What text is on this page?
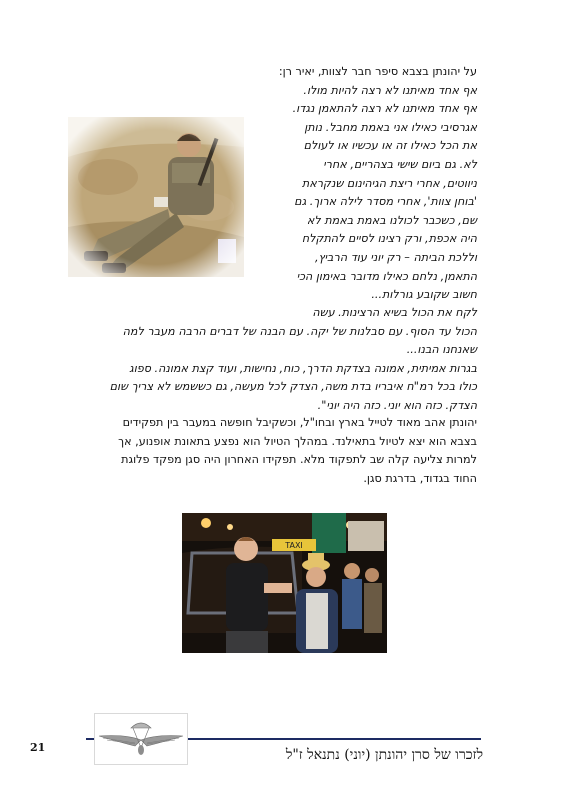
על יהונתן בצבא סיפר חבר לצוות, יאיר רן:
אף אחד מאיתנו לא רצה להיות מולו.
אף אחד מאיתנו לא רצה להתאמן נגדו.
אגרסיבי כאילו אני באמת מחבל. נותן
את הכל כאילו זה או עכשיו או לעולם
לא. גם ביום שישי בצהריים, אחרי
ניווטים, אחרי ריצת הגיהינום שנקראת
'בוחן צוות', אחרי מסדר לילה ארוך. גם
שם, כשכבר לכולנו באמת באמת לא
היה אכפת, ורק רצינו לסיים להתקלח
וללכת הביתה – רק יוני עוד הרביץ,
התאמן, נלחם כאילו מדובר באימון הכי
חשוב שקובע גורלות...
לקח את הכול בשיא הרצינות. עשה
הכול עד הסוף. עם סבלנות של יקה. עם הבנה של דברים הרבה מעבר למה
שאנחנו הבנו...
בגרות אמיתית, אמונה בצדקת הדרך, כוח, נחישות, ועוד קצת אמונה. ספוג
כולו בכל רמ"ח איבריו בדת משה, הצדק לכל מעשה, גם כששמש לא צריך שום
הצדק. כזה הוא יוני. כזה היה יוני".
יהונתן אהב מאוד לטייל בארץ ובחו"ל, וכשקיבל חופשה במעבר בין תפקידים
בצבא הוא יצא לטיול בתאילנד. במהלך הטיול הוא נפצע בתאונת אופנוע, אך
למרות צליעה קלה שב לתפקוד מלא. תפקידו האחרון היה סגן מפקד פלוגת
החוד בגדוד, בדרגת סגן.
TAXI
לזכרו של סרן יהונתן (יוני) נתנאל ז"ל
21
